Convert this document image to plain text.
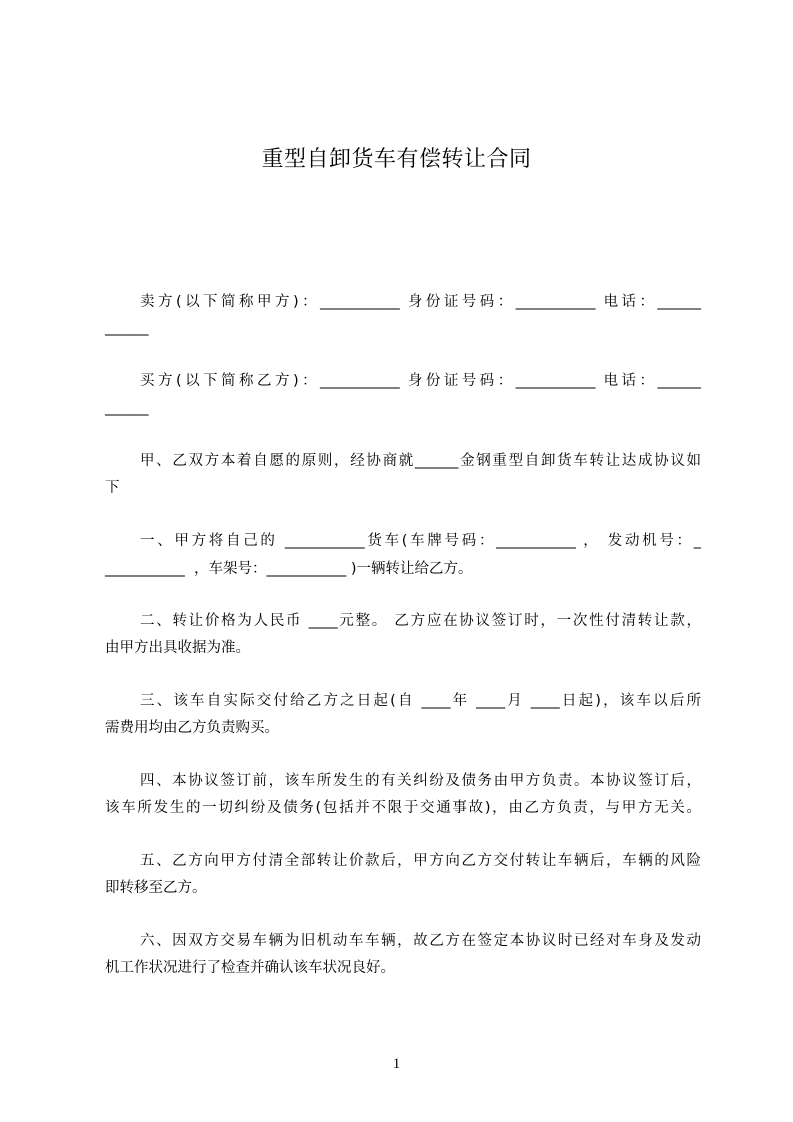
重型自卸货车有偿转让合同
卖方(以下简称甲方)：___________ 身份证号码：___________ 电话：______
______
买方(以下简称乙方)：___________ 身份证号码：___________ 电话：______
______
甲、乙双方本着自愿的原则，经协商就______金钢重型自卸货车转让达成协议如
下
一、甲方将自己的 ___________货车(车牌号码：___________ ， 发动机号：_
___________  ，车架号：___________ )一辆转让给乙方。
二、转让价格为人民币 ____元整。 乙方应在协议签订时，一次性付清转让款，
由甲方出具收据为准。
三、该车自实际交付给乙方之日起(自 ____年 ____月 ____日起)，该车以后所
需费用均由乙方负责购买。
四、本协议签订前，该车所发生的有关纠纷及债务由甲方负责。本协议签订后，
该车所发生的一切纠纷及债务(包括并不限于交通事故)，由乙方负责，与甲方无关。
五、乙方向甲方付清全部转让价款后，甲方向乙方交付转让车辆后，车辆的风险
即转移至乙方。
六、因双方交易车辆为旧机动车车辆，故乙方在签定本协议时已经对车身及发动
机工作状况进行了检查并确认该车状况良好。
1
